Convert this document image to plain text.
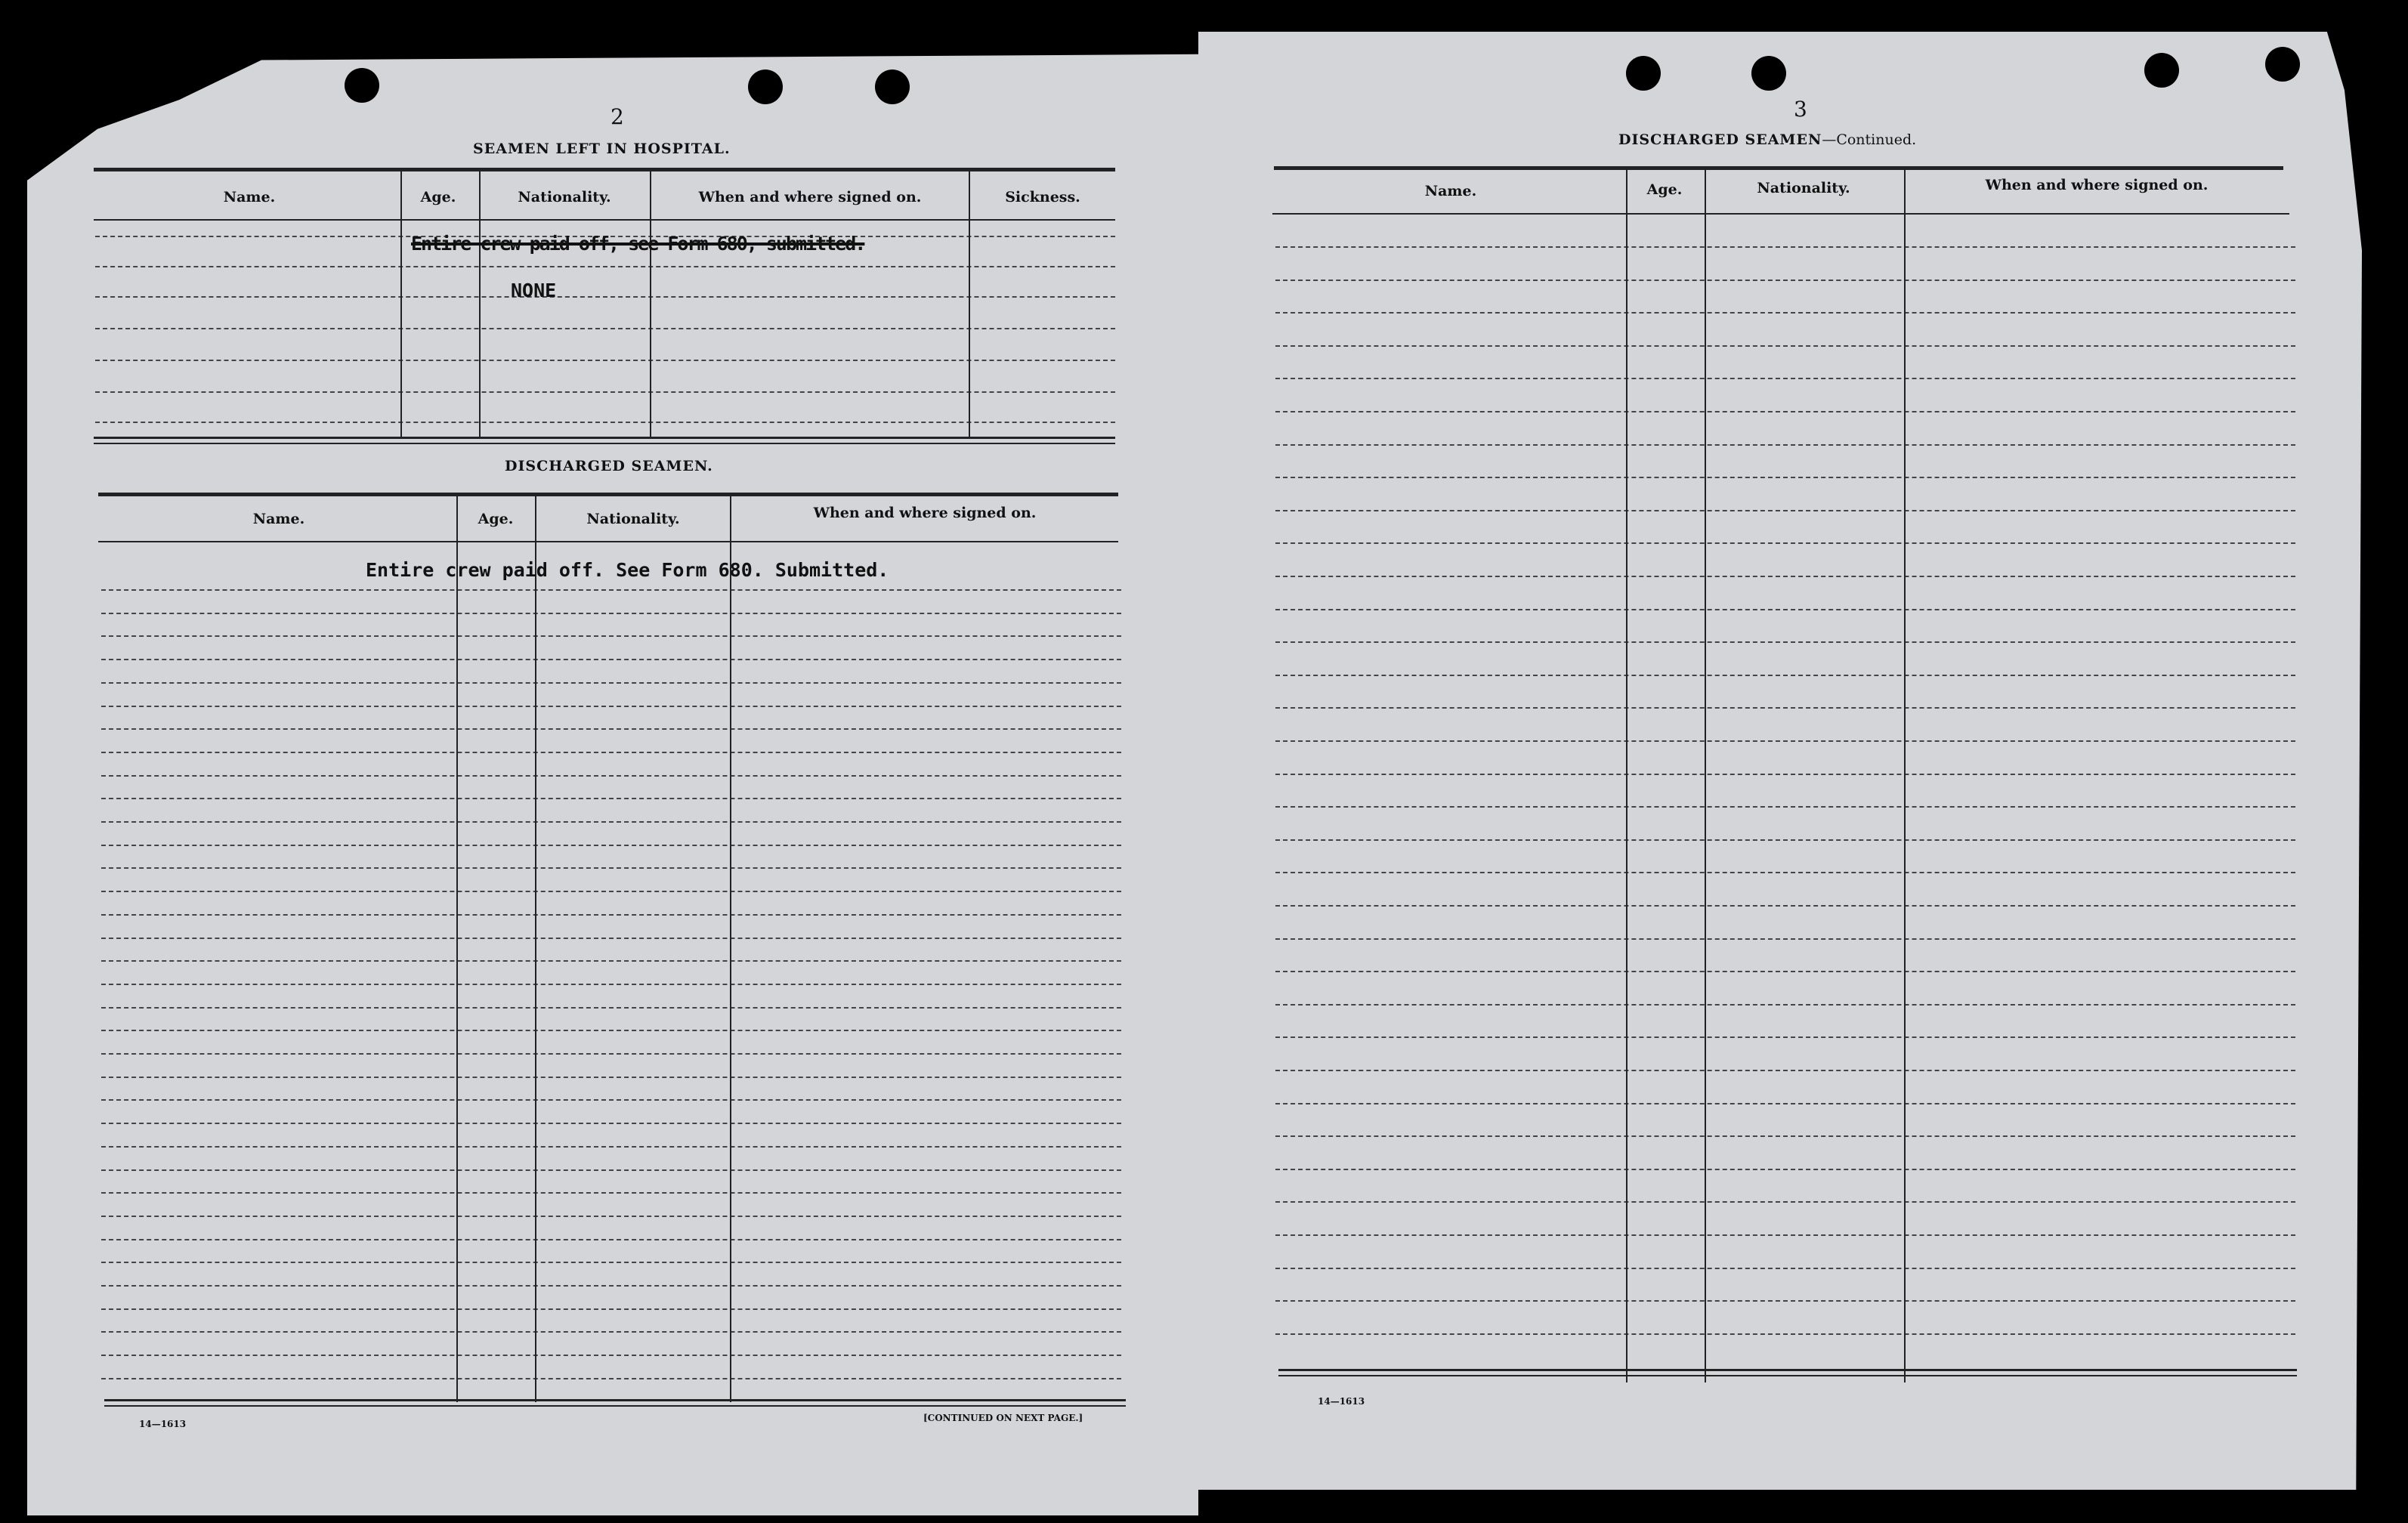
2
SEAMEN LEFT IN HOSPITAL.
Name.	Age.	Nationality.	When and where signed on.	Sickness.
Entire crew paid off, see Form 680, submitted.
NONE
DISCHARGED SEAMEN.
Name.	Age.	Nationality.	When and where signed on.
Entire crew paid off. See Form 680. Submitted.
14—1613
[CONTINUED ON NEXT PAGE.]
3
DISCHARGED SEAMEN—Continued.
Name.	Age.	Nationality.	When and where signed on.
14—1613
